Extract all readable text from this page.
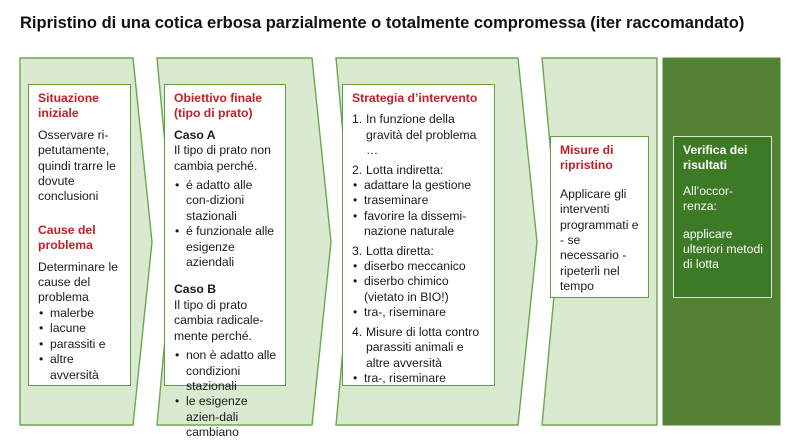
Ripristino di una cotica erbosa parzialmente o totalmente compromessa (iter raccomandato)

Situazione iniziale

Osservare ri-petutamente, quindi trarre le dovute conclusioni

Cause del problema

Determinare le cause del problema

• malerbe
• lacune
• parassiti e
• altre avversità

Obiettivo finale (tipo di prato)

Caso A

Il tipo di prato non cambia perché.

• é adatto alle con-dizioni stazionali
• é funzionale alle esigenze aziendali

Caso B

Il tipo di prato cambia radicale-mente perché.

• non è adatto alle condizioni stazionali
• le esigenze azien-dali cambiano

Strategia d’intervento

1. In funzione della gravità del problema …
2. Lotta indiretta:
• adattare la gestione
• traseminare
• favorire la dissemi-nazione naturale
3. Lotta diretta:
• diserbo meccanico
• diserbo chimico (vietato in BIO!)
• tra-, riseminare
4. Misure di lotta contro parassiti animali e altre avversità
• tra-, riseminare

Misure di ripristino

Applicare gli interventi programmati e - se necessario - ripeterli nel tempo

Verifica dei risultati

All’occor-renza:

applicare ulteriori metodi di lotta
